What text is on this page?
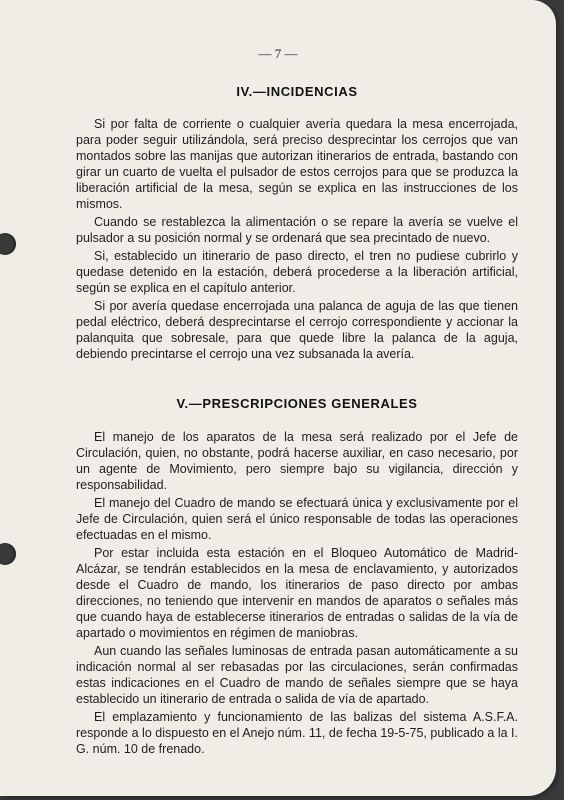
— 7 —
IV.—INCIDENCIAS

Si por falta de corriente o cualquier avería quedara la mesa encerrojada, para poder seguir utilizándola, será preciso desprecintar los cerrojos que van montados sobre las manijas que autorizan itinerarios de entrada, bastando con girar un cuarto de vuelta el pulsador de estos cerrojos para que se produzca la liberación artificial de la mesa, según se explica en las instrucciones de los mismos.

Cuando se restablezca la alimentación o se repare la avería se vuelve el pulsador a su posición normal y se ordenará que sea precintado de nuevo.

Si, establecido un itinerario de paso directo, el tren no pudiese cubrirlo y quedase detenido en la estación, deberá procederse a la liberación artificial, según se explica en el capítulo anterior.

Si por avería quedase encerrojada una palanca de aguja de las que tienen pedal eléctrico, deberá desprecintarse el cerrojo correspondiente y accionar la palanquita que sobresale, para que quede libre la palanca de la aguja, debiendo precintarse el cerrojo una vez subsanada la avería.

V.—PRESCRIPCIONES GENERALES

El manejo de los aparatos de la mesa será realizado por el Jefe de Circulación, quien, no obstante, podrá hacerse auxiliar, en caso necesario, por un agente de Movimiento, pero siempre bajo su vigilancia, dirección y responsabilidad.

El manejo del Cuadro de mando se efectuará única y exclusivamente por el Jefe de Circulación, quien será el único responsable de todas las operaciones efectuadas en el mismo.

Por estar incluida esta estación en el Bloqueo Automático de Madrid-Alcázar, se tendrán establecidos en la mesa de enclavamiento, y autorizados desde el Cuadro de mando, los itinerarios de paso directo por ambas direcciones, no teniendo que intervenir en mandos de aparatos o señales más que cuando haya de establecerse itinerarios de entradas o salidas de la vía de apartado o movimientos en régimen de maniobras.

Aun cuando las señales luminosas de entrada pasan automáticamente a su indicación normal al ser rebasadas por las circulaciones, serán confirmadas estas indicaciones en el Cuadro de mando de señales siempre que se haya establecido un itinerario de entrada o salida de vía de apartado.

El emplazamiento y funcionamiento de las balizas del sistema A.S.F.A. responde a lo dispuesto en el Anejo núm. 11, de fecha 19-5-75, publicado a la I. G. núm. 10 de frenado.
